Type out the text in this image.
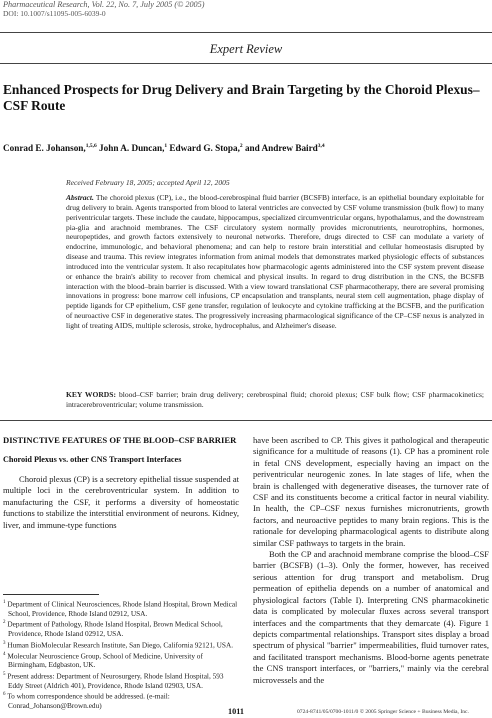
Pharmaceutical Research, Vol. 22, No. 7, July 2005 (© 2005)
DOI: 10.1007/s11095-005-6039-0
Expert Review
Enhanced Prospects for Drug Delivery and Brain Targeting by the Choroid Plexus–CSF Route
Conrad E. Johanson,$^{1,5,6}$ John A. Duncan,$^1$ Edward G. Stopa,$^2$ and Andrew Baird$^{3,4}$
Received February 18, 2005; accepted April 12, 2005
Abstract. The choroid plexus (CP), i.e., the blood-cerebrospinal fluid barrier (BCSFB) interface, is an epithelial boundary exploitable for drug delivery to brain. Agents transported from blood to lateral ventricles are convected by CSF volume transmission (bulk flow) to many periventricular targets. These include the caudate, hippocampus, specialized circumventricular organs, hypothalamus, and the downstream pia-glia and arachnoid membranes. The CSF circulatory system normally provides micronutrients, neurotrophins, hormones, neuropeptides, and growth factors extensively to neuronal networks. Therefore, drugs directed to CSF can modulate a variety of endocrine, immunologic, and behavioral phenomena; and can help to restore brain interstitial and cellular homeostasis disrupted by disease and trauma. This review integrates information from animal models that demonstrates marked physiologic effects of substances introduced into the ventricular system. It also recapitulates how pharmacologic agents administered into the CSF system prevent disease or enhance the brain's ability to recover from chemical and physical insults. In regard to drug distribution in the CNS, the BCSFB interaction with the blood–brain barrier is discussed. With a view toward translational CSF pharmacotherapy, there are several promising innovations in progress: bone marrow cell infusions, CP encapsulation and transplants, neural stem cell augmentation, phage display of peptide ligands for CP epithelium, CSF gene transfer, regulation of leukocyte and cytokine trafficking at the BCSFB, and the purification of neuroactive CSF in degenerative states. The progressively increasing pharmacological significance of the CP–CSF nexus is analyzed in light of treating AIDS, multiple sclerosis, stroke, hydrocephalus, and Alzheimer's disease.
KEY WORDS: blood–CSF barrier; brain drug delivery; cerebrospinal fluid; choroid plexus; CSF bulk flow; CSF pharmacokinetics; intracerebroventricular; volume transmission.

DISTINCTIVE FEATURES OF THE BLOOD–CSF BARRIER

Choroid Plexus vs. other CNS Transport Interfaces
Choroid plexus (CP) is a secretory epithelial tissue suspended at multiple loci in the cerebroventricular system. In addition to manufacturing the CSF, it performs a diversity of homeostatic functions to stabilize the interstitial environment of neurons. Kidney, liver, and immune-type functions

have been ascribed to CP. This gives it pathological and therapeutic significance for a multitude of reasons (1). CP has a prominent role in fetal CNS development, especially having an impact on the periventricular neurogenic zones. In late stages of life, when the brain is challenged with degenerative diseases, the turnover rate of CSF and its constituents become a critical factor in neural viability. In health, the CP–CSF nexus furnishes micronutrients, growth factors, and neuroactive peptides to many brain regions. This is the rationale for developing pharmacological agents to distribute along similar CSF pathways to targets in the brain.

Both the CP and arachnoid membrane comprise the blood–CSF barrier (BCSFB) (1–3). Only the former, however, has received serious attention for drug transport and metabolism. Drug permeation of epithelia depends on a number of anatomical and physiological factors (Table I). Interpreting CNS pharmacokinetic data is complicated by molecular fluxes across several transport interfaces and the compartments that they demarcate (4). Figure 1 depicts compartmental relationships. Transport sites display a broad spectrum of physical "barrier" impermeabilities, fluid turnover rates, and facilitated transport mechanisms. Blood-borne agents penetrate the CNS transport interfaces, or "barriers," mainly via the cerebral microvessels and the

$^1$ Department of Clinical Neurosciences, Rhode Island Hospital, Brown Medical School, Providence, Rhode Island 02912, USA.

$^2$ Department of Pathology, Rhode Island Hospital, Brown Medical School, Providence, Rhode Island 02912, USA.

$^3$ Human BioMolecular Research Institute, San Diego, California 92121, USA.

$^4$ Molecular Neuroscience Group, School of Medicine, University of Birmingham, Edgbaston, UK.

$^5$ Present address: Department of Neurosurgery, Rhode Island Hospital, 593 Eddy Street (Aldrich 401), Providence, Rhode Island 02903, USA.

$^6$ To whom correspondence should be addressed. (e-mail: Conrad_Johanson@Brown.edu)

1011	0724-8741/05/0700-1011/0 © 2005 Springer Science + Business Media, Inc.
